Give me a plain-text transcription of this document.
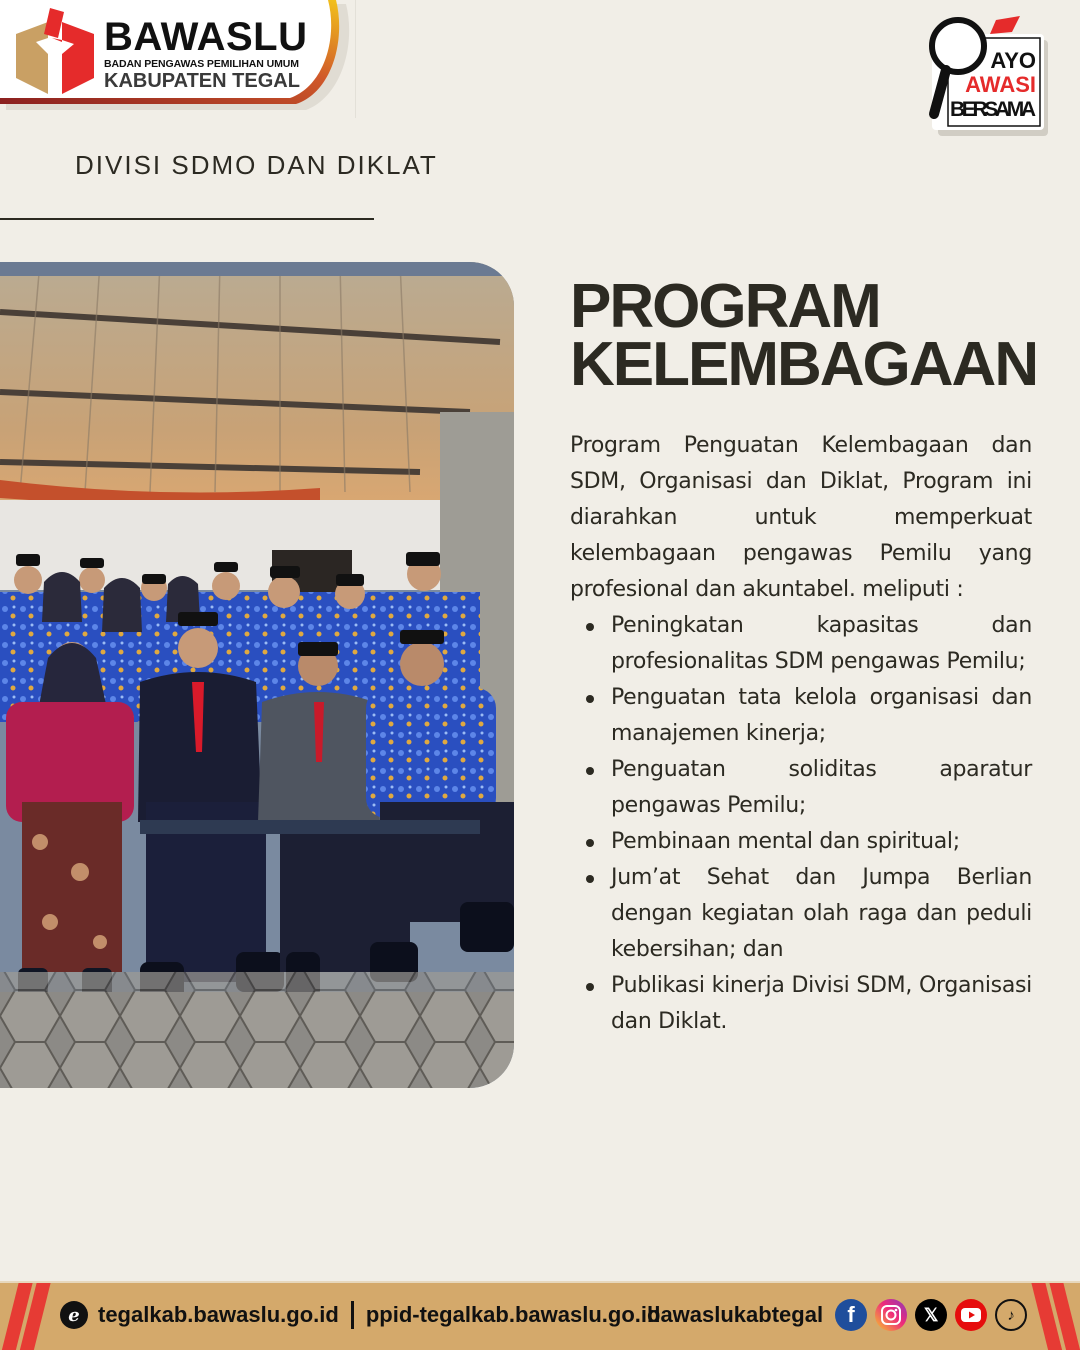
BAWASLU
BADAN PENGAWAS PEMILIHAN UMUM
KABUPATEN TEGAL
AYO
AWASI
BERSAMA
DIVISI SDMO DAN DIKLAT
PROGRAM
KELEMBAGAAN

Program Penguatan Kelembagaan dan SDM, Organisasi dan Diklat, Program ini diarahkan untuk memperkuat kelembagaan pengawas Pemilu yang profesional dan akuntabel. meliputi :

Peningkatan kapasitas dan profesionalitas SDM pengawas Pemilu;
Penguatan tata kelola organisasi dan manajemen kinerja;
Penguatan soliditas aparatur pengawas Pemilu;
Pembinaan mental dan spiritual;
Jum’at Sehat dan Jumpa Berlian dengan kegiatan olah raga dan peduli kebersihan; dan
Publikasi kinerja Divisi SDM, Organisasi dan Diklat.
e tegalkab.bawaslu.go.id ppid-tegalkab.bawaslu.go.id
bawaslukabtegal	f	𝕏	♪
